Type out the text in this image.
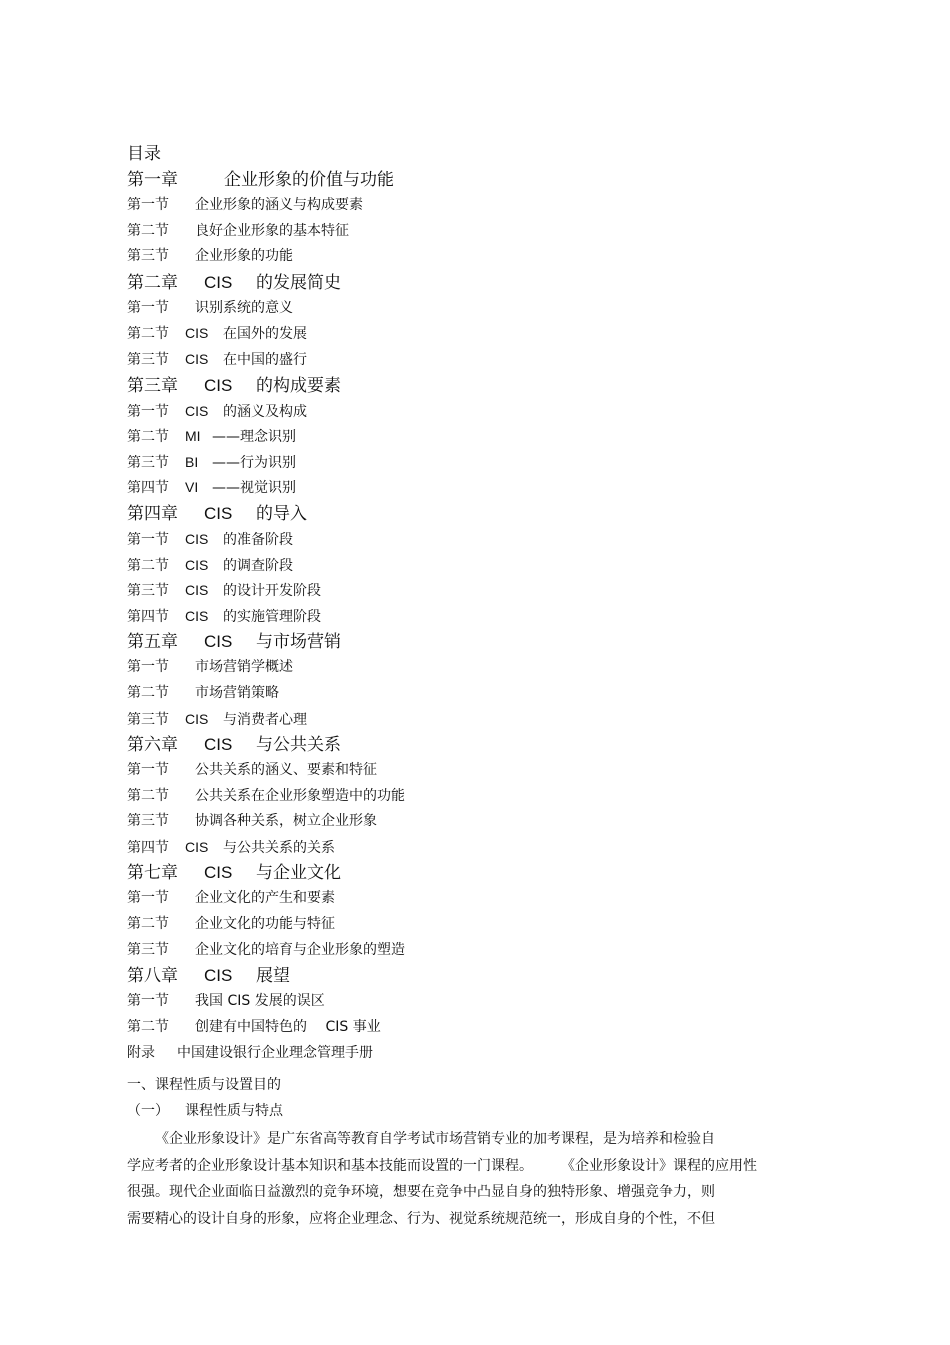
目录
第一章	企业形象的价值与功能
第一节 企业形象的涵义与构成要素
第二节 良好企业形象的基本特征
第三节 企业形象的功能
第二章 CIS 的发展简史
第一节 识别系统的意义
第二节 CIS 在国外的发展
第三节 CIS 在中国的盛行
第三章 CIS 的构成要素
第一节 CIS 的涵义及构成
第二节 MI ——理念识别
第三节 BI ——行为识别
第四节 VI ——视觉识别
第四章 CIS 的导入
第一节 CIS 的准备阶段
第二节 CIS 的调查阶段
第三节 CIS 的设计开发阶段
第四节 CIS 的实施管理阶段
第五章 CIS 与市场营销
第一节 市场营销学概述
第二节 市场营销策略
第三节 CIS 与消费者心理
第六章 CIS 与公共关系
第一节 公共关系的涵义、要素和特征
第二节 公共关系在企业形象塑造中的功能
第三节 协调各种关系，树立企业形象
第四节 CIS 与公共关系的关系
第七章 CIS 与企业文化
第一节 企业文化的产生和要素
第二节 企业文化的功能与特征
第三节 企业文化的培育与企业形象的塑造
第八章 CIS 展望
第一节 我国 CIS 发展的误区
第二节 创建有中国特色的　 CIS 事业
附录 中国建设银行企业理念管理手册
一、课程性质与设置目的
（一） 课程性质与特点

《企业形象设计》是广东省高等教育自学考试市场营销专业的加考课程，是为培养和检验自

学应考者的企业形象设计基本知识和基本技能而设置的一门课程。　　　《企业形象设计》课程的应用性

很强。现代企业面临日益激烈的竞争环境，想要在竞争中凸显自身的独特形象、增强竞争力，则

需要精心的设计自身的形象，应将企业理念、行为、视觉系统规范统一，形成自身的个性，不但
